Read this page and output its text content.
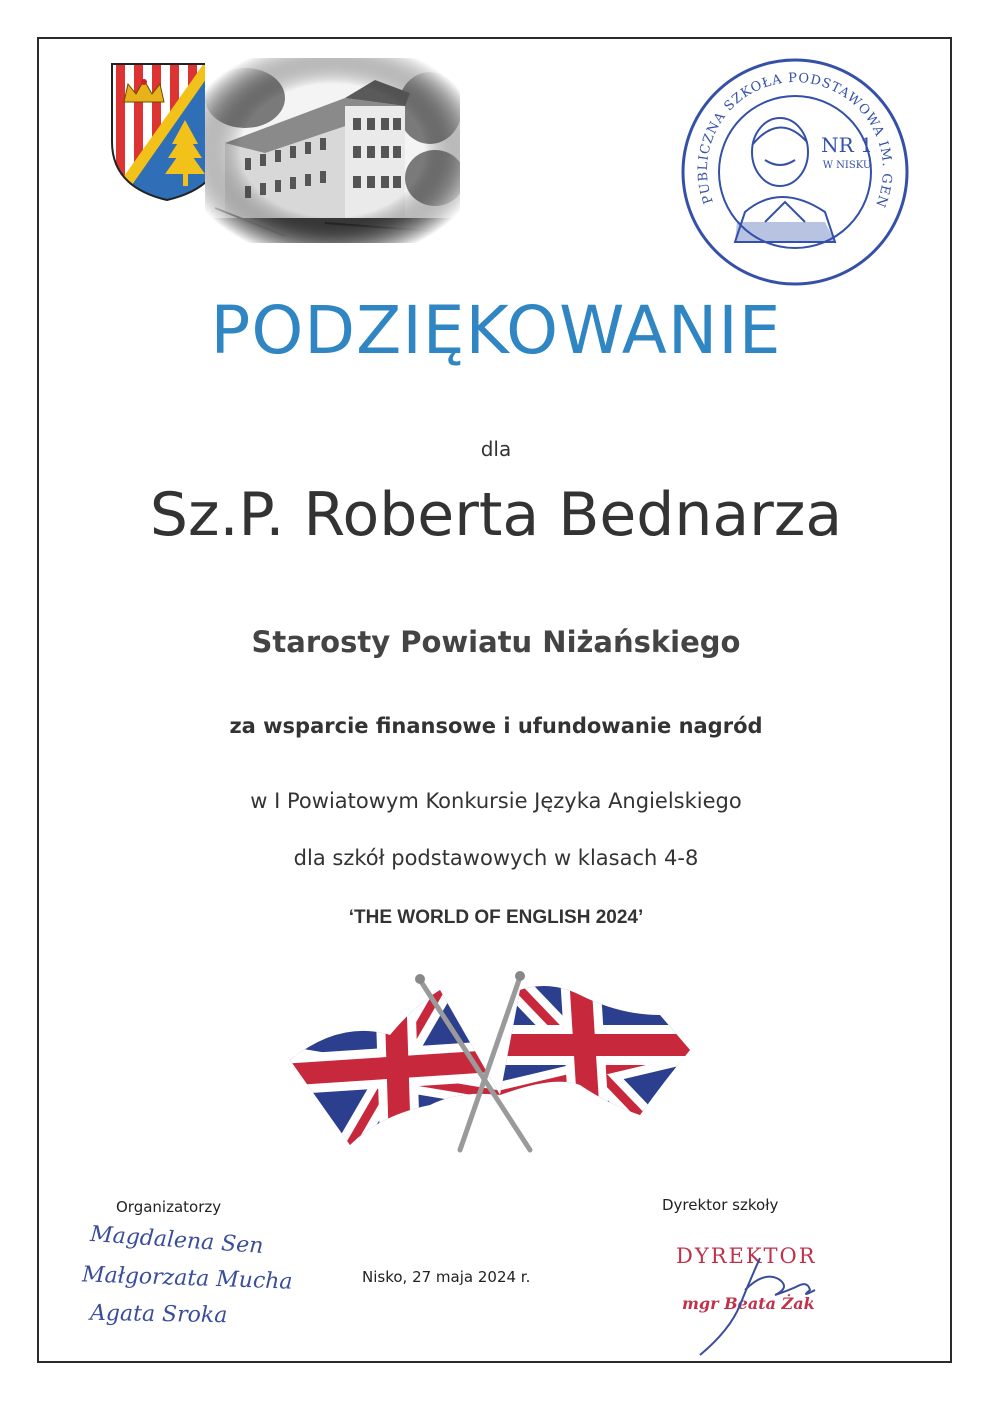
PUBLICZNA SZKOŁA PODSTAWOWA IM. GEN
NR 1
W NISKU
PODZIĘKOWANIE
dla
Sz.P. Roberta Bednarza
Starosty Powiatu Niżańskiego
za wsparcie finansowe i ufundowanie nagród
w I Powiatowym Konkursie Języka Angielskiego
dla szkół podstawowych w klasach 4-8
‘THE WORLD OF ENGLISH 2024’
Organizatorzy	Dyrektor szkoły
Magdalena Sen
Małgorzata Mucha
Agata Sroka
Nisko, 27 maja 2024 r.
DYREKTOR
mgr Beata Żak
